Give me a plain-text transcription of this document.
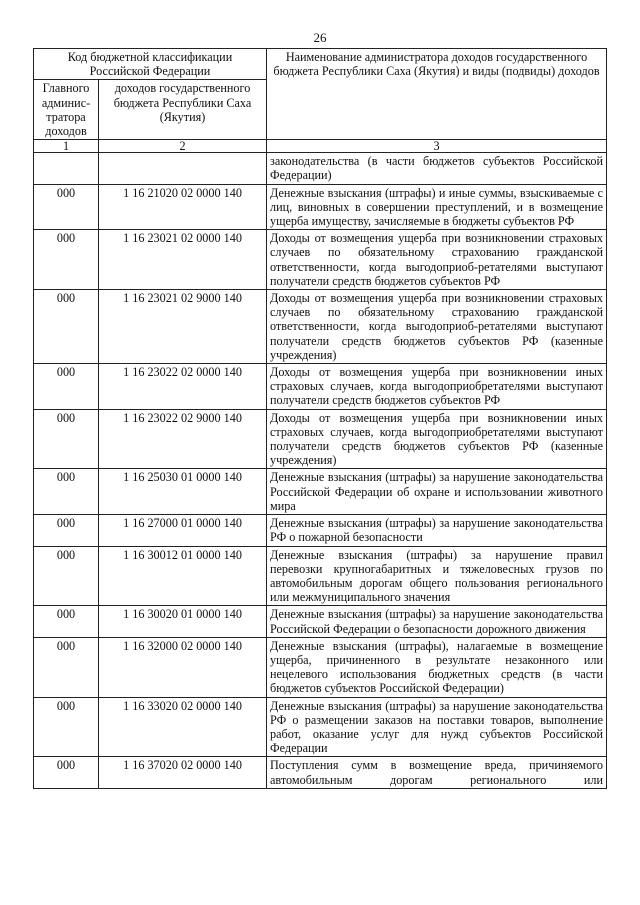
26
Код бюджетной классификации Российской Федерации		Наименование администратора доходов государственного бюджета Республики Саха (Якутия) и виды (подвиды) доходов
Главного админис-тратора доходов	доходов государственного бюджета Республики Саха (Якутия)	
1	2	3
		законодательства (в части бюджетов субъектов Российской Федерации)
000	1 16 21020 02 0000 140	Денежные взыскания (штрафы) и иные суммы, взыскиваемые с лиц, виновных в совершении преступлений, и в возмещение ущерба имуществу, зачисляемые в бюджеты субъектов РФ
000	1 16 23021 02 0000 140	Доходы от возмещения ущерба при возникновении страховых случаев по обязательному страхованию гражданской ответственности, когда выгодоприоб-ретателями выступают получатели средств бюджетов субъектов РФ
000	1 16 23021 02 9000 140	Доходы от возмещения ущерба при возникновении страховых случаев по обязательному страхованию гражданской ответственности, когда выгодоприоб-ретателями выступают получатели средств бюджетов субъектов РФ (казенные учреждения)
000	1 16 23022 02 0000 140	Доходы от возмещения ущерба при возникновении иных страховых случаев, когда выгодоприобретателями выступают получатели средств бюджетов субъектов РФ
000	1 16 23022 02 9000 140	Доходы от возмещения ущерба при возникновении иных страховых случаев, когда выгодоприобретателями выступают получатели средств бюджетов субъектов РФ (казенные учреждения)
000	1 16 25030 01 0000 140	Денежные взыскания (штрафы) за нарушение законодательства Российской Федерации об охране и использовании животного мира
000	1 16 27000 01 0000 140	Денежные взыскания (штрафы) за нарушение законодательства РФ о пожарной безопасности
000	1 16 30012 01 0000 140	Денежные взыскания (штрафы) за нарушение правил перевозки крупногабаритных и тяжеловесных грузов по автомобильным дорогам общего пользования регионального или межмуниципального значения
000	1 16 30020 01 0000 140	Денежные взыскания (штрафы) за нарушение законодательства Российской Федерации о безопасности дорожного движения
000	1 16 32000 02 0000 140	Денежные взыскания (штрафы), налагаемые в возмещение ущерба, причиненного в результате незаконного или нецелевого использования бюджетных средств (в части бюджетов субъектов Российской Федерации)
000	1 16 33020 02 0000 140	Денежные взыскания (штрафы) за нарушение законодательства РФ о размещении заказов на поставки товаров, выполнение работ, оказание услуг для нужд субъектов Российской Федерации
000	1 16 37020 02 0000 140	Поступления сумм в возмещение вреда, причиняемого автомобильным дорогам регионального или
